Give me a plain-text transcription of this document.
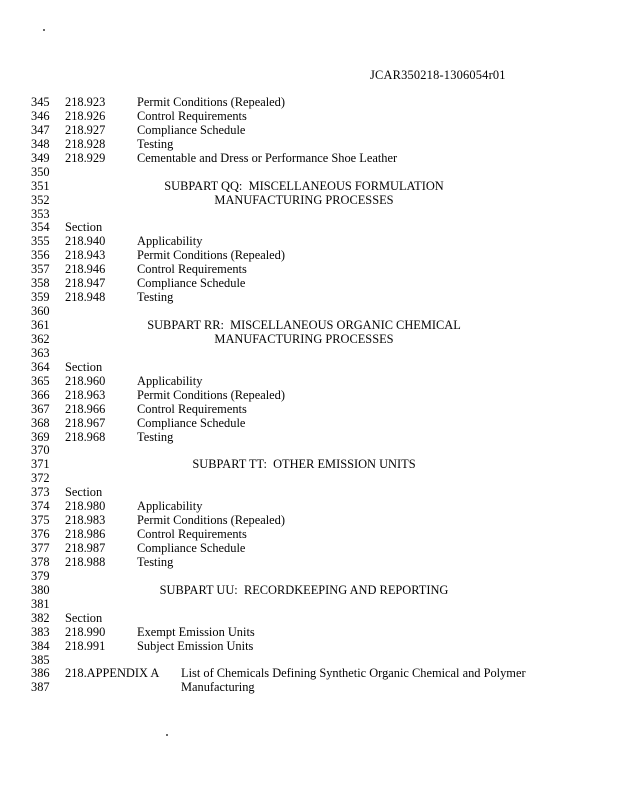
JCAR350218-1306054r01
345 218.923	Permit Conditions (Repealed)
346 218.926	Control Requirements
347 218.927	Compliance Schedule
348 218.928	Testing
349 218.929	Cementable and Dress or Performance Shoe Leather
350
351	SUBPART QQ:  MISCELLANEOUS FORMULATION
352	MANUFACTURING PROCESSES
353
354 Section
355 218.940	Applicability
356 218.943	Permit Conditions (Repealed)
357 218.946	Control Requirements
358 218.947	Compliance Schedule
359 218.948	Testing
360
361	SUBPART RR:  MISCELLANEOUS ORGANIC CHEMICAL
362	MANUFACTURING PROCESSES
363
364 Section
365 218.960	Applicability
366 218.963	Permit Conditions (Repealed)
367 218.966	Control Requirements
368 218.967	Compliance Schedule
369 218.968	Testing
370
371	SUBPART TT:  OTHER EMISSION UNITS
372
373 Section
374 218.980	Applicability
375 218.983	Permit Conditions (Repealed)
376 218.986	Control Requirements
377 218.987	Compliance Schedule
378 218.988	Testing
379
380	SUBPART UU:  RECORDKEEPING AND REPORTING
381
382 Section
383 218.990	Exempt Emission Units
384 218.991	Subject Emission Units
385
386 218.APPENDIX A List of Chemicals Defining Synthetic Organic Chemical and Polymer
387	Manufacturing
